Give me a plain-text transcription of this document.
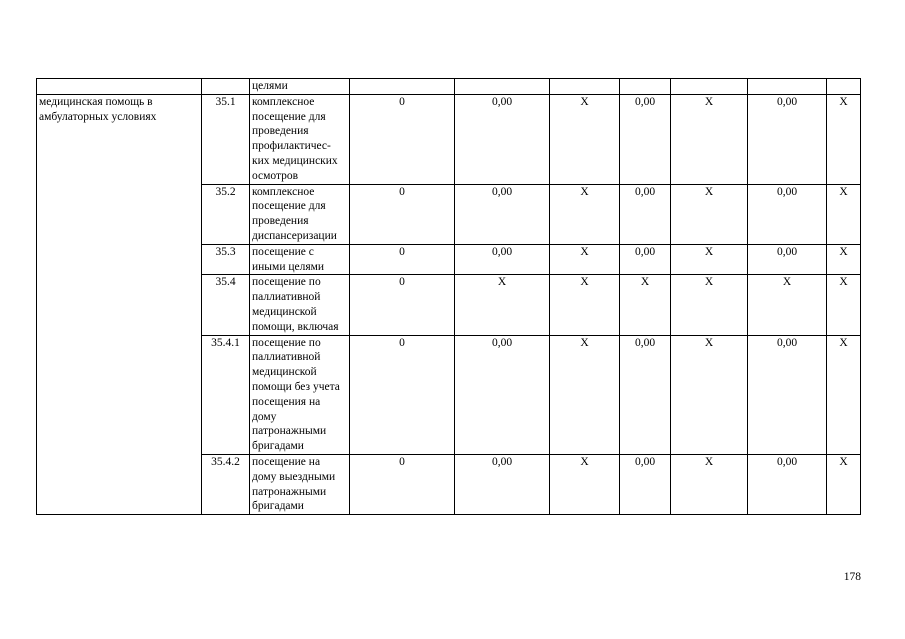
		целями							
медицинская помощь в амбулаторных условиях	35.1	комплексное посещение для проведения профилактичес-ких медицинских осмотров	0	0,00	X	0,00	X	0,00	X
	35.2	комплексное посещение для проведения диспансеризации	0	0,00	X	0,00	X	0,00	X
	35.3	посещение с иными целями	0	0,00	X	0,00	X	0,00	X
	35.4	посещение по паллиативной медицинской помощи, включая	0	X	X	X	X	X	X
	35.4.1	посещение по паллиативной медицинской помощи без учета посещения на дому патронажными бригадами	0	0,00	X	0,00	X	0,00	X
	35.4.2	посещение на дому выездными патронажными бригадами	0	0,00	X	0,00	X	0,00	X
178
